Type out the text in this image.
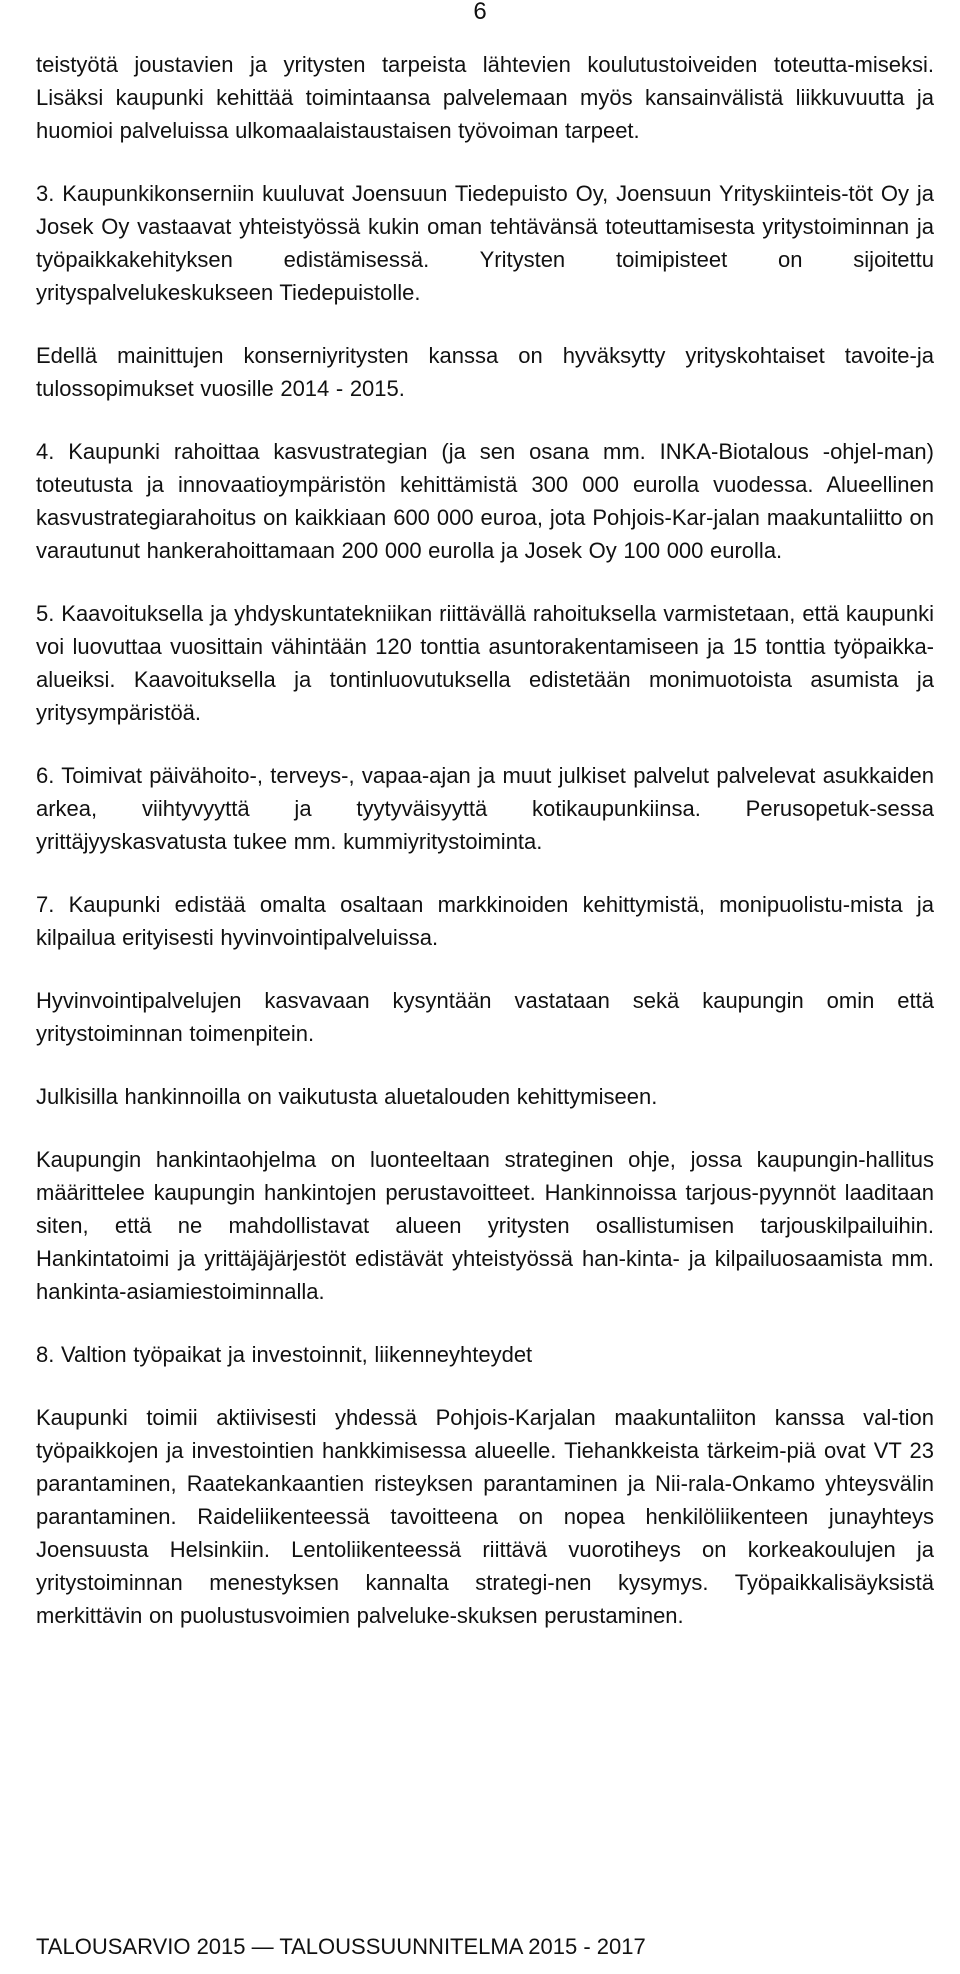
6

teistyötä joustavien ja yritysten tarpeista lähtevien koulutustoiveiden toteutta-miseksi. Lisäksi kaupunki kehittää toimintaansa palvelemaan myös kansainvälistä liikkuvuutta ja huomioi palveluissa ulkomaalaistaustaisen työvoiman tarpeet.

3. Kaupunkikonserniin kuuluvat Joensuun Tiedepuisto Oy, Joensuun Yrityskiinteis-töt Oy ja Josek Oy vastaavat yhteistyössä kukin oman tehtävänsä toteuttamisesta yritystoiminnan ja työpaikkakehityksen edistämisessä. Yritysten toimipisteet on sijoitettu yrityspalvelukeskukseen Tiedepuistolle.

Edellä mainittujen konserniyritysten kanssa on hyväksytty yrityskohtaiset tavoite-ja tulossopimukset vuosille 2014 - 2015.

4. Kaupunki rahoittaa kasvustrategian (ja sen osana mm. INKA-Biotalous -ohjel-man) toteutusta ja innovaatioympäristön kehittämistä 300 000 eurolla vuodessa. Alueellinen kasvustrategiarahoitus on kaikkiaan 600 000 euroa, jota Pohjois-Kar-jalan maakuntaliitto on varautunut hankerahoittamaan 200 000 eurolla ja Josek Oy 100 000 eurolla.

5. Kaavoituksella ja yhdyskuntatekniikan riittävällä rahoituksella varmistetaan, että kaupunki voi luovuttaa vuosittain vähintään 120 tonttia asuntorakentamiseen ja 15 tonttia työpaikka-alueiksi. Kaavoituksella ja tontinluovutuksella edistetään monimuotoista asumista ja yritysympäristöä.

6. Toimivat päivähoito-, terveys-, vapaa-ajan ja muut julkiset palvelut palvelevat asukkaiden arkea, viihtyvyyttä ja tyytyväisyyttä kotikaupunkiinsa. Perusopetuk-sessa yrittäjyyskasvatusta tukee mm. kummiyritystoiminta.

7. Kaupunki edistää omalta osaltaan markkinoiden kehittymistä, monipuolistu-mista ja kilpailua erityisesti hyvinvointipalveluissa.

Hyvinvointipalvelujen kasvavaan kysyntään vastataan sekä kaupungin omin että yritystoiminnan toimenpitein.

Julkisilla hankinnoilla on vaikutusta aluetalouden kehittymiseen.

Kaupungin hankintaohjelma on luonteeltaan strateginen ohje, jossa kaupungin-hallitus määrittelee kaupungin hankintojen perustavoitteet. Hankinnoissa tarjous-pyynnöt laaditaan siten, että ne mahdollistavat alueen yritysten osallistumisen tarjouskilpailuihin. Hankintatoimi ja yrittäjäjärjestöt edistävät yhteistyössä han-kinta- ja kilpailuosaamista mm. hankinta-asiamiestoiminnalla.

8. Valtion työpaikat ja investoinnit, liikenneyhteydet

Kaupunki toimii aktiivisesti yhdessä Pohjois-Karjalan maakuntaliiton kanssa val-tion työpaikkojen ja investointien hankkimisessa alueelle. Tiehankkeista tärkeim-piä ovat VT 23 parantaminen, Raatekankaantien risteyksen parantaminen ja Nii-rala-Onkamo yhteysvälin parantaminen. Raideliikenteessä tavoitteena on nopea henkilöliikenteen junayhteys Joensuusta Helsinkiin. Lentoliikenteessä riittävä vuorotiheys on korkeakoulujen ja yritystoiminnan menestyksen kannalta strategi-nen kysymys. Työpaikkalisäyksistä merkittävin on puolustusvoimien palveluke-skuksen perustaminen.

TALOUSARVIO 2015 — TALOUSSUUNNITELMA 2015 - 2017
